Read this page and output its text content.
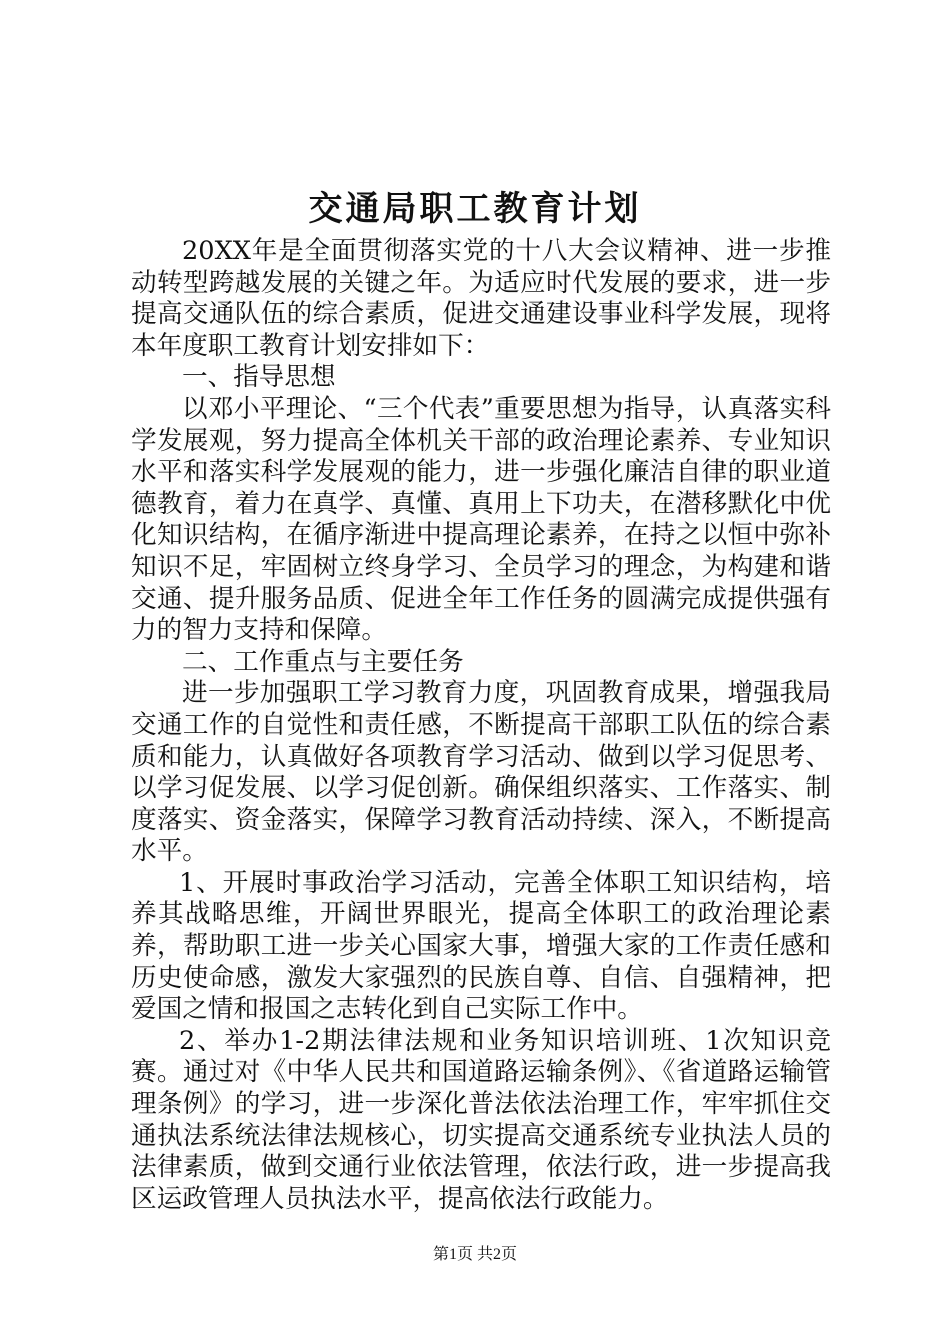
交通局职工教育计划

20XX年是全面贯彻落实党的十八大会议精神、进一步推动转型跨越发展的关键之年。为适应时代发展的要求，进一步提高交通队伍的综合素质，促进交通建设事业科学发展，现将本年度职工教育计划安排如下：

一、指导思想

以邓小平理论、“三个代表”重要思想为指导，认真落实科学发展观，努力提高全体机关干部的政治理论素养、专业知识水平和落实科学发展观的能力，进一步强化廉洁自律的职业道德教育，着力在真学、真懂、真用上下功夫，在潜移默化中优化知识结构，在循序渐进中提高理论素养，在持之以恒中弥补知识不足，牢固树立终身学习、全员学习的理念，为构建和谐交通、提升服务品质、促进全年工作任务的圆满完成提供强有力的智力支持和保障。

二、工作重点与主要任务

进一步加强职工学习教育力度，巩固教育成果，增强我局交通工作的自觉性和责任感，不断提高干部职工队伍的综合素质和能力，认真做好各项教育学习活动、做到以学习促思考、以学习促发展、以学习促创新。确保组织落实、工作落实、制度落实、资金落实，保障学习教育活动持续、深入，不断提高水平。

1、开展时事政治学习活动，完善全体职工知识结构，培养其战略思维，开阔世界眼光，提高全体职工的政治理论素养，帮助职工进一步关心国家大事，增强大家的工作责任感和历史使命感，激发大家强烈的民族自尊、自信、自强精神，把爱国之情和报国之志转化到自己实际工作中。

2、举办1-2期法律法规和业务知识培训班、1次知识竞赛。通过对《中华人民共和国道路运输条例》、《省道路运输管理条例》的学习，进一步深化普法依法治理工作，牢牢抓住交通执法系统法律法规核心，切实提高交通系统专业执法人员的法律素质，做到交通行业依法管理，依法行政，进一步提高我区运政管理人员执法水平，提高依法行政能力。

第1页 共2页
